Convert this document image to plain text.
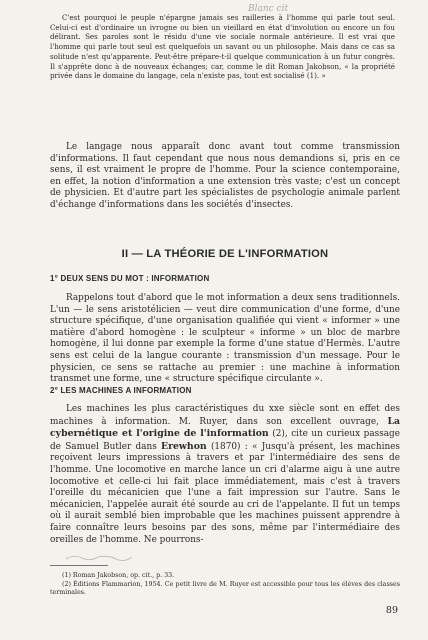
Blanc cit

C'est pourquoi le peuple n'épargne jamais ses railleries à l'homme qui parle tout seul. Celui-ci est d'ordinaire un ivrogne ou bien un vieillard en état d'involution ou encore un fou délirant. Ses paroles sont le résidu d'une vie sociale normale antérieure. Il est vrai que l'homme qui parle tout seul est quelquefois un savant ou un philosophe. Mais dans ce cas sa solitude n'est qu'apparente. Peut-être prépare-t-il quelque communication à un futur congrès. Il s'apprête donc à de nouveaux échanges; car, comme le dit Roman Jakobson, « la propriété privée dans le domaine du langage, cela n'existe pas, tout est socialisé (1). »

Le langage nous apparaît donc avant tout comme transmission d'informations. Il faut cependant que nous nous demandions si, pris en ce sens, il est vraiment le propre de l'homme. Pour la science contemporaine, en effet, la notion d'information a une extension très vaste; c'est un concept de physicien. Et d'autre part les spécialistes de psychologie animale parlent d'échange d'informations dans les sociétés d'insectes.

II — LA THÉORIE DE L'INFORMATION
1° DEUX SENS DU MOT : INFORMATION

Rappelons tout d'abord que le mot information a deux sens traditionnels. L'un — le sens aristotélicien — veut dire communication d'une forme, d'une structure spécifique, d'une organisation qualifiée qui vient « informer » une matière d'abord homogène : le sculpteur « informe » un bloc de marbre homogène, il lui donne par exemple la forme d'une statue d'Hermès. L'autre sens est celui de la langue courante : transmission d'un message. Pour le physicien, ce sens se rattache au premier : une machine à information transmet une forme, une « structure spécifique circulante ».

2° LES MACHINES A INFORMATION

Les machines les plus caractéristiques du xxe siècle sont en effet des machines à information. M. Ruyer, dans son excellent ouvrage, La cybernétique et l'origine de l'information (2), cite un curieux passage de Samuel Butler dans Erewhon (1870) : « Jusqu'à présent, les machines reçoivent leurs impressions à travers et par l'intermédiaire des sens de l'homme. Une locomotive en marche lance un cri d'alarme aigu à une autre locomotive et celle-ci lui fait place immédiatement, mais c'est à travers l'oreille du mécanicien que l'une a fait impression sur l'autre. Sans le mécanicien, l'appelée aurait été sourde au cri de l'appelante. Il fut un temps où il aurait semblé bien improbable que les machines puissent apprendre à faire connaître leurs besoins par des sons, même par l'intermédiaire des oreilles de l'homme. Ne pourrons-

(1) Roman Jakobson, op. cit., p. 33.

(2) Éditions Flammarion, 1954. Ce petit livre de M. Ruyer est accessible pour tous les élèves des classes terminales.

89
